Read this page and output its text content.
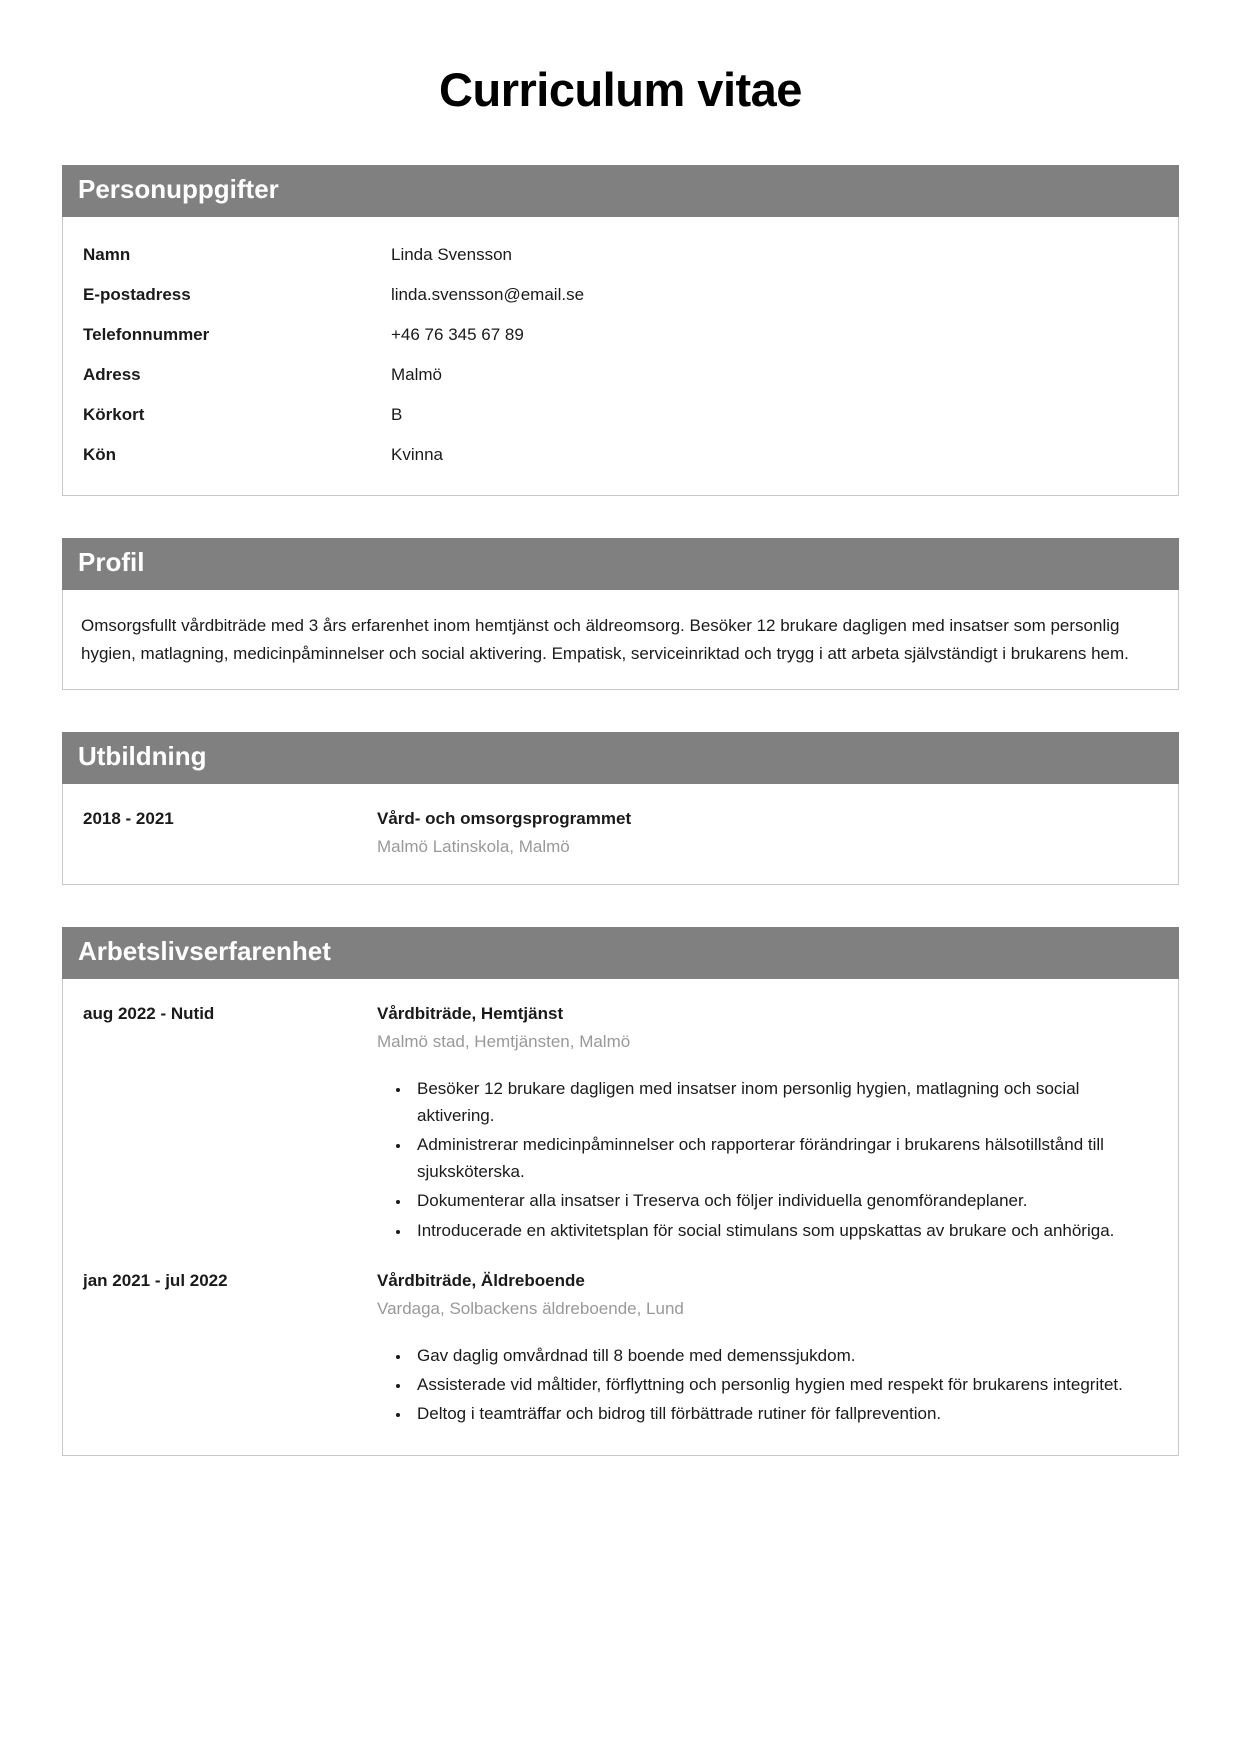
Curriculum vitae
Personuppgifter
Namn	Linda Svensson
E-postadress	linda.svensson@email.se
Telefonnummer	+46 76 345 67 89
Adress	Malmö
Körkort	B
Kön	Kvinna
Profil

Omsorgsfullt vårdbiträde med 3 års erfarenhet inom hemtjänst och äldreomsorg. Besöker 12 brukare dagligen med insatser som personlig hygien, matlagning, medicinpåminnelser och social aktivering. Empatisk, serviceinriktad och trygg i att arbeta självständigt i brukarens hem.

Utbildning
2018 - 2021	Vård- och omsorgsprogrammet
Malmö Latinskola, Malmö
Arbetslivserfarenhet
aug 2022 - Nutid	Vårdbiträde, Hemtjänst
Malmö stad, Hemtjänsten, Malmö
• Besöker 12 brukare dagligen med insatser inom personlig hygien, matlagning och social aktivering.
• Administrerar medicinpåminnelser och rapporterar förändringar i brukarens hälsotillstånd till sjuksköterska.
• Dokumenterar alla insatser i Treserva och följer individuella genomförandeplaner.
• Introducerade en aktivitetsplan för social stimulans som uppskattas av brukare och anhöriga.
jan 2021 - jul 2022	Vårdbiträde, Äldreboende
Vardaga, Solbackens äldreboende, Lund
• Gav daglig omvårdnad till 8 boende med demenssjukdom.
• Assisterade vid måltider, förflyttning och personlig hygien med respekt för brukarens integritet.
• Deltog i teamträffar och bidrog till förbättrade rutiner för fallprevention.
